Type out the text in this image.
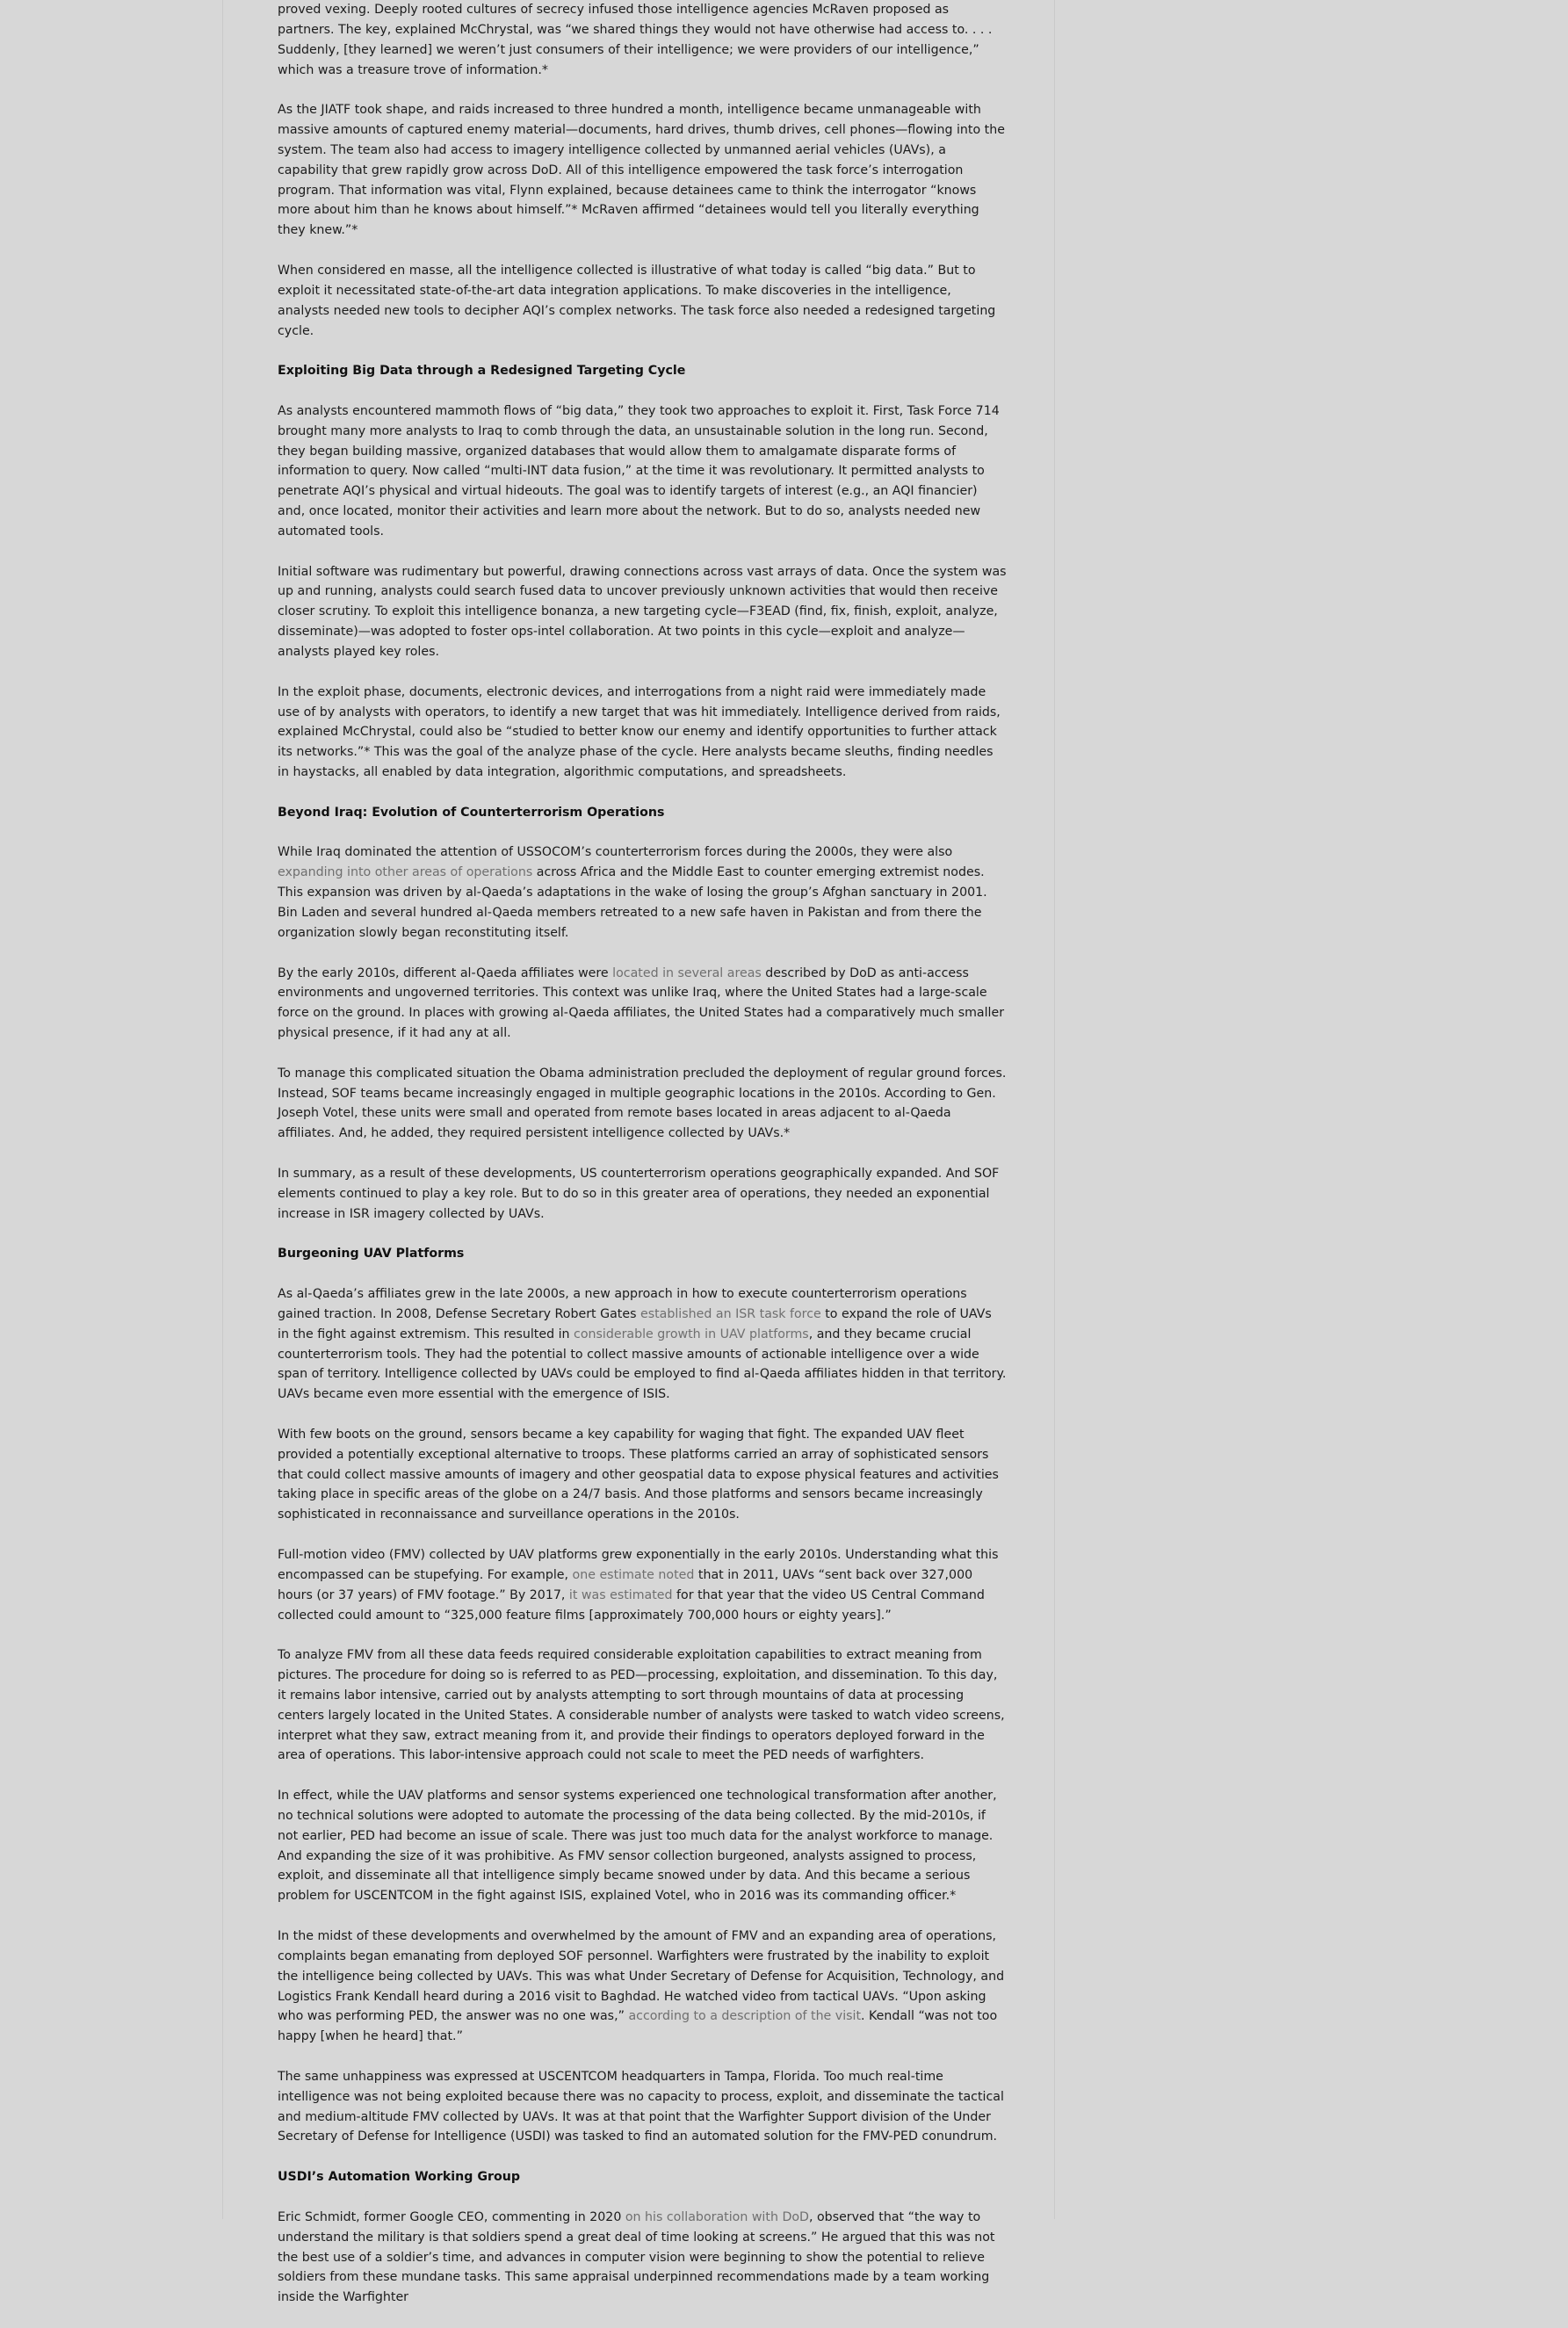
proved vexing. Deeply rooted cultures of secrecy infused those intelligence agencies McRaven proposed as partners. The key, explained McChrystal, was “we shared things they would not have otherwise had access to. . . . Suddenly, [they learned] we weren’t just consumers of their intelligence; we were providers of our intelligence,” which was a treasure trove of information.*

As the JIATF took shape, and raids increased to three hundred a month, intelligence became unmanageable with massive amounts of captured enemy material—documents, hard drives, thumb drives, cell phones—flowing into the system. The team also had access to imagery intelligence collected by unmanned aerial vehicles (UAVs), a capability that grew rapidly grow across DoD. All of this intelligence empowered the task force’s interrogation program. That information was vital, Flynn explained, because detainees came to think the interrogator “knows more about him than he knows about himself.”* McRaven affirmed “detainees would tell you literally everything they knew.”*

When considered en masse, all the intelligence collected is illustrative of what today is called “big data.” But to exploit it necessitated state-of-the-art data integration applications. To make discoveries in the intelligence, analysts needed new tools to decipher AQI’s complex networks. The task force also needed a redesigned targeting cycle.

Exploiting Big Data through a Redesigned Targeting Cycle

As analysts encountered mammoth flows of “big data,” they took two approaches to exploit it. First, Task Force 714 brought many more analysts to Iraq to comb through the data, an unsustainable solution in the long run. Second, they began building massive, organized databases that would allow them to amalgamate disparate forms of information to query. Now called “multi-INT data fusion,” at the time it was revolutionary. It permitted analysts to penetrate AQI’s physical and virtual hideouts. The goal was to identify targets of interest (e.g., an AQI financier) and, once located, monitor their activities and learn more about the network. But to do so, analysts needed new automated tools.

Initial software was rudimentary but powerful, drawing connections across vast arrays of data. Once the system was up and running, analysts could search fused data to uncover previously unknown activities that would then receive closer scrutiny. To exploit this intelligence bonanza, a new targeting cycle—F3EAD (find, fix, finish, exploit, analyze, disseminate)—was adopted to foster ops-intel collaboration. At two points in this cycle—exploit and analyze—analysts played key roles.

In the exploit phase, documents, electronic devices, and interrogations from a night raid were immediately made use of by analysts with operators, to identify a new target that was hit immediately. Intelligence derived from raids, explained McChrystal, could also be “studied to better know our enemy and identify opportunities to further attack its networks.”* This was the goal of the analyze phase of the cycle. Here analysts became sleuths, finding needles in haystacks, all enabled by data integration, algorithmic computations, and spreadsheets.

Beyond Iraq: Evolution of Counterterrorism Operations

While Iraq dominated the attention of USSOCOM’s counterterrorism forces during the 2000s, they were also expanding into other areas of operations across Africa and the Middle East to counter emerging extremist nodes. This expansion was driven by al-Qaeda’s adaptations in the wake of losing the group’s Afghan sanctuary in 2001. Bin Laden and several hundred al-Qaeda members retreated to a new safe haven in Pakistan and from there the organization slowly began reconstituting itself.

By the early 2010s, different al-Qaeda affiliates were located in several areas described by DoD as anti-access environments and ungoverned territories. This context was unlike Iraq, where the United States had a large-scale force on the ground. In places with growing al-Qaeda affiliates, the United States had a comparatively much smaller physical presence, if it had any at all.

To manage this complicated situation the Obama administration precluded the deployment of regular ground forces. Instead, SOF teams became increasingly engaged in multiple geographic locations in the 2010s. According to Gen. Joseph Votel, these units were small and operated from remote bases located in areas adjacent to al-Qaeda affiliates. And, he added, they required persistent intelligence collected by UAVs.*

In summary, as a result of these developments, US counterterrorism operations geographically expanded. And SOF elements continued to play a key role. But to do so in this greater area of operations, they needed an exponential increase in ISR imagery collected by UAVs.

Burgeoning UAV Platforms

As al-Qaeda’s affiliates grew in the late 2000s, a new approach in how to execute counterterrorism operations gained traction. In 2008, Defense Secretary Robert Gates established an ISR task force to expand the role of UAVs in the fight against extremism. This resulted in considerable growth in UAV platforms, and they became crucial counterterrorism tools. They had the potential to collect massive amounts of actionable intelligence over a wide span of territory. Intelligence collected by UAVs could be employed to find al-Qaeda affiliates hidden in that territory. UAVs became even more essential with the emergence of ISIS.

With few boots on the ground, sensors became a key capability for waging that fight. The expanded UAV fleet provided a potentially exceptional alternative to troops. These platforms carried an array of sophisticated sensors that could collect massive amounts of imagery and other geospatial data to expose physical features and activities taking place in specific areas of the globe on a 24/7 basis. And those platforms and sensors became increasingly sophisticated in reconnaissance and surveillance operations in the 2010s.

Full-motion video (FMV) collected by UAV platforms grew exponentially in the early 2010s. Understanding what this encompassed can be stupefying. For example, one estimate noted that in 2011, UAVs “sent back over 327,000 hours (or 37 years) of FMV footage.” By 2017, it was estimated for that year that the video US Central Command collected could amount to “325,000 feature films [approximately 700,000 hours or eighty years].”

To analyze FMV from all these data feeds required considerable exploitation capabilities to extract meaning from pictures. The procedure for doing so is referred to as PED—processing, exploitation, and dissemination. To this day, it remains labor intensive, carried out by analysts attempting to sort through mountains of data at processing centers largely located in the United States. A considerable number of analysts were tasked to watch video screens, interpret what they saw, extract meaning from it, and provide their findings to operators deployed forward in the area of operations. This labor-intensive approach could not scale to meet the PED needs of warfighters.

In effect, while the UAV platforms and sensor systems experienced one technological transformation after another, no technical solutions were adopted to automate the processing of the data being collected. By the mid-2010s, if not earlier, PED had become an issue of scale. There was just too much data for the analyst workforce to manage. And expanding the size of it was prohibitive. As FMV sensor collection burgeoned, analysts assigned to process, exploit, and disseminate all that intelligence simply became snowed under by data. And this became a serious problem for USCENTCOM in the fight against ISIS, explained Votel, who in 2016 was its commanding officer.*

In the midst of these developments and overwhelmed by the amount of FMV and an expanding area of operations, complaints began emanating from deployed SOF personnel. Warfighters were frustrated by the inability to exploit the intelligence being collected by UAVs. This was what Under Secretary of Defense for Acquisition, Technology, and Logistics Frank Kendall heard during a 2016 visit to Baghdad. He watched video from tactical UAVs. “Upon asking who was performing PED, the answer was no one was,” according to a description of the visit. Kendall “was not too happy [when he heard] that.”

The same unhappiness was expressed at USCENTCOM headquarters in Tampa, Florida. Too much real-time intelligence was not being exploited because there was no capacity to process, exploit, and disseminate the tactical and medium-altitude FMV collected by UAVs. It was at that point that the Warfighter Support division of the Under Secretary of Defense for Intelligence (USDI) was tasked to find an automated solution for the FMV-PED conundrum.

USDI’s Automation Working Group

Eric Schmidt, former Google CEO, commenting in 2020 on his collaboration with DoD, observed that “the way to understand the military is that soldiers spend a great deal of time looking at screens.” He argued that this was not the best use of a soldier’s time, and advances in computer vision were beginning to show the potential to relieve soldiers from these mundane tasks. This same appraisal underpinned recommendations made by a team working inside the Warfighter
